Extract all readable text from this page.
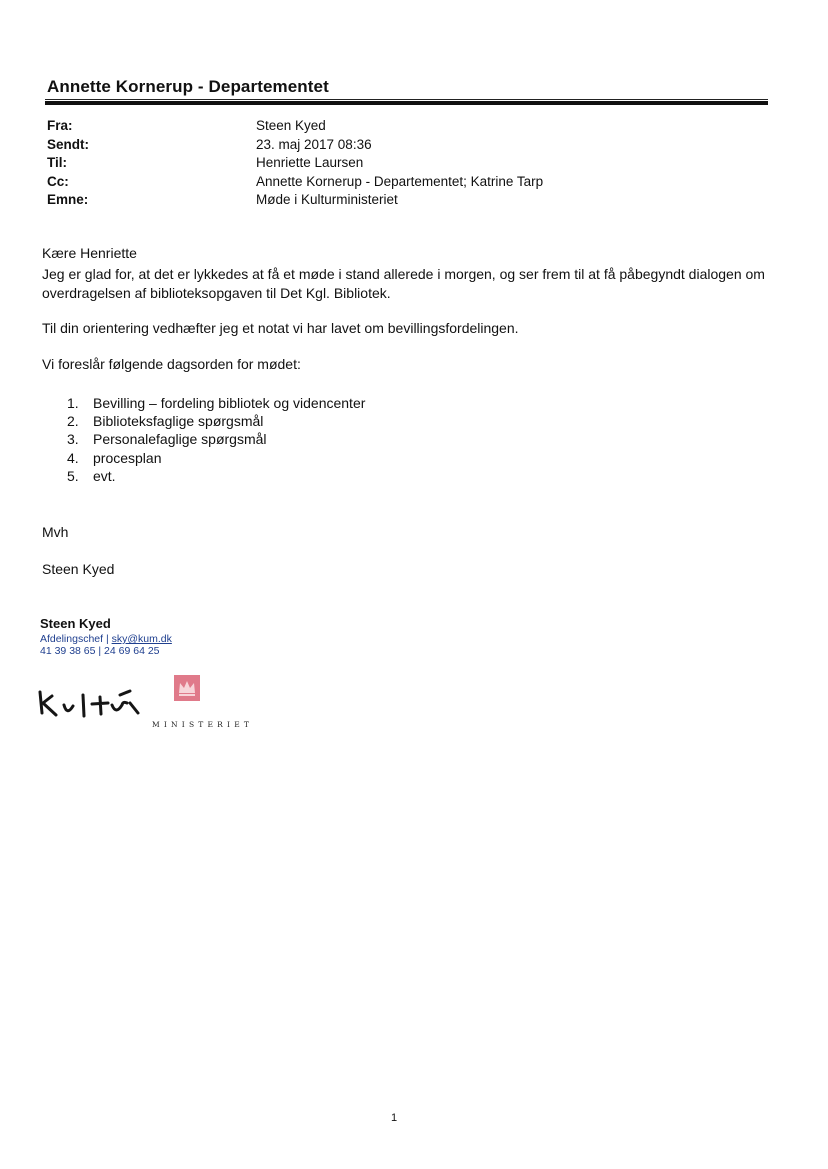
Annette Kornerup - Departementet
Fra:	Steen Kyed
Sendt:	23. maj 2017 08:36
Til:	Henriette Laursen
Cc:	Annette Kornerup - Departementet; Katrine Tarp
Emne:	Møde i Kulturministeriet
Kære Henriette
Jeg er glad for, at det er lykkedes at få et møde i stand allerede i morgen, og ser frem til at få påbegyndt dialogen om
overdragelsen af biblioteksopgaven til Det Kgl. Bibliotek.
Til din orientering vedhæfter jeg et notat vi har lavet om bevillingsfordelingen.
Vi foreslår følgende dagsorden for mødet:
1. Bevilling – fordeling bibliotek og videncenter
2. Biblioteksfaglige spørgsmål
3. Personalefaglige spørgsmål
4. procesplan
5. evt.
Mvh
Steen Kyed
Steen Kyed
Afdelingschef | sky@kum.dk
41 39 38 65 | 24 69 64 25
MINISTERIET
1
